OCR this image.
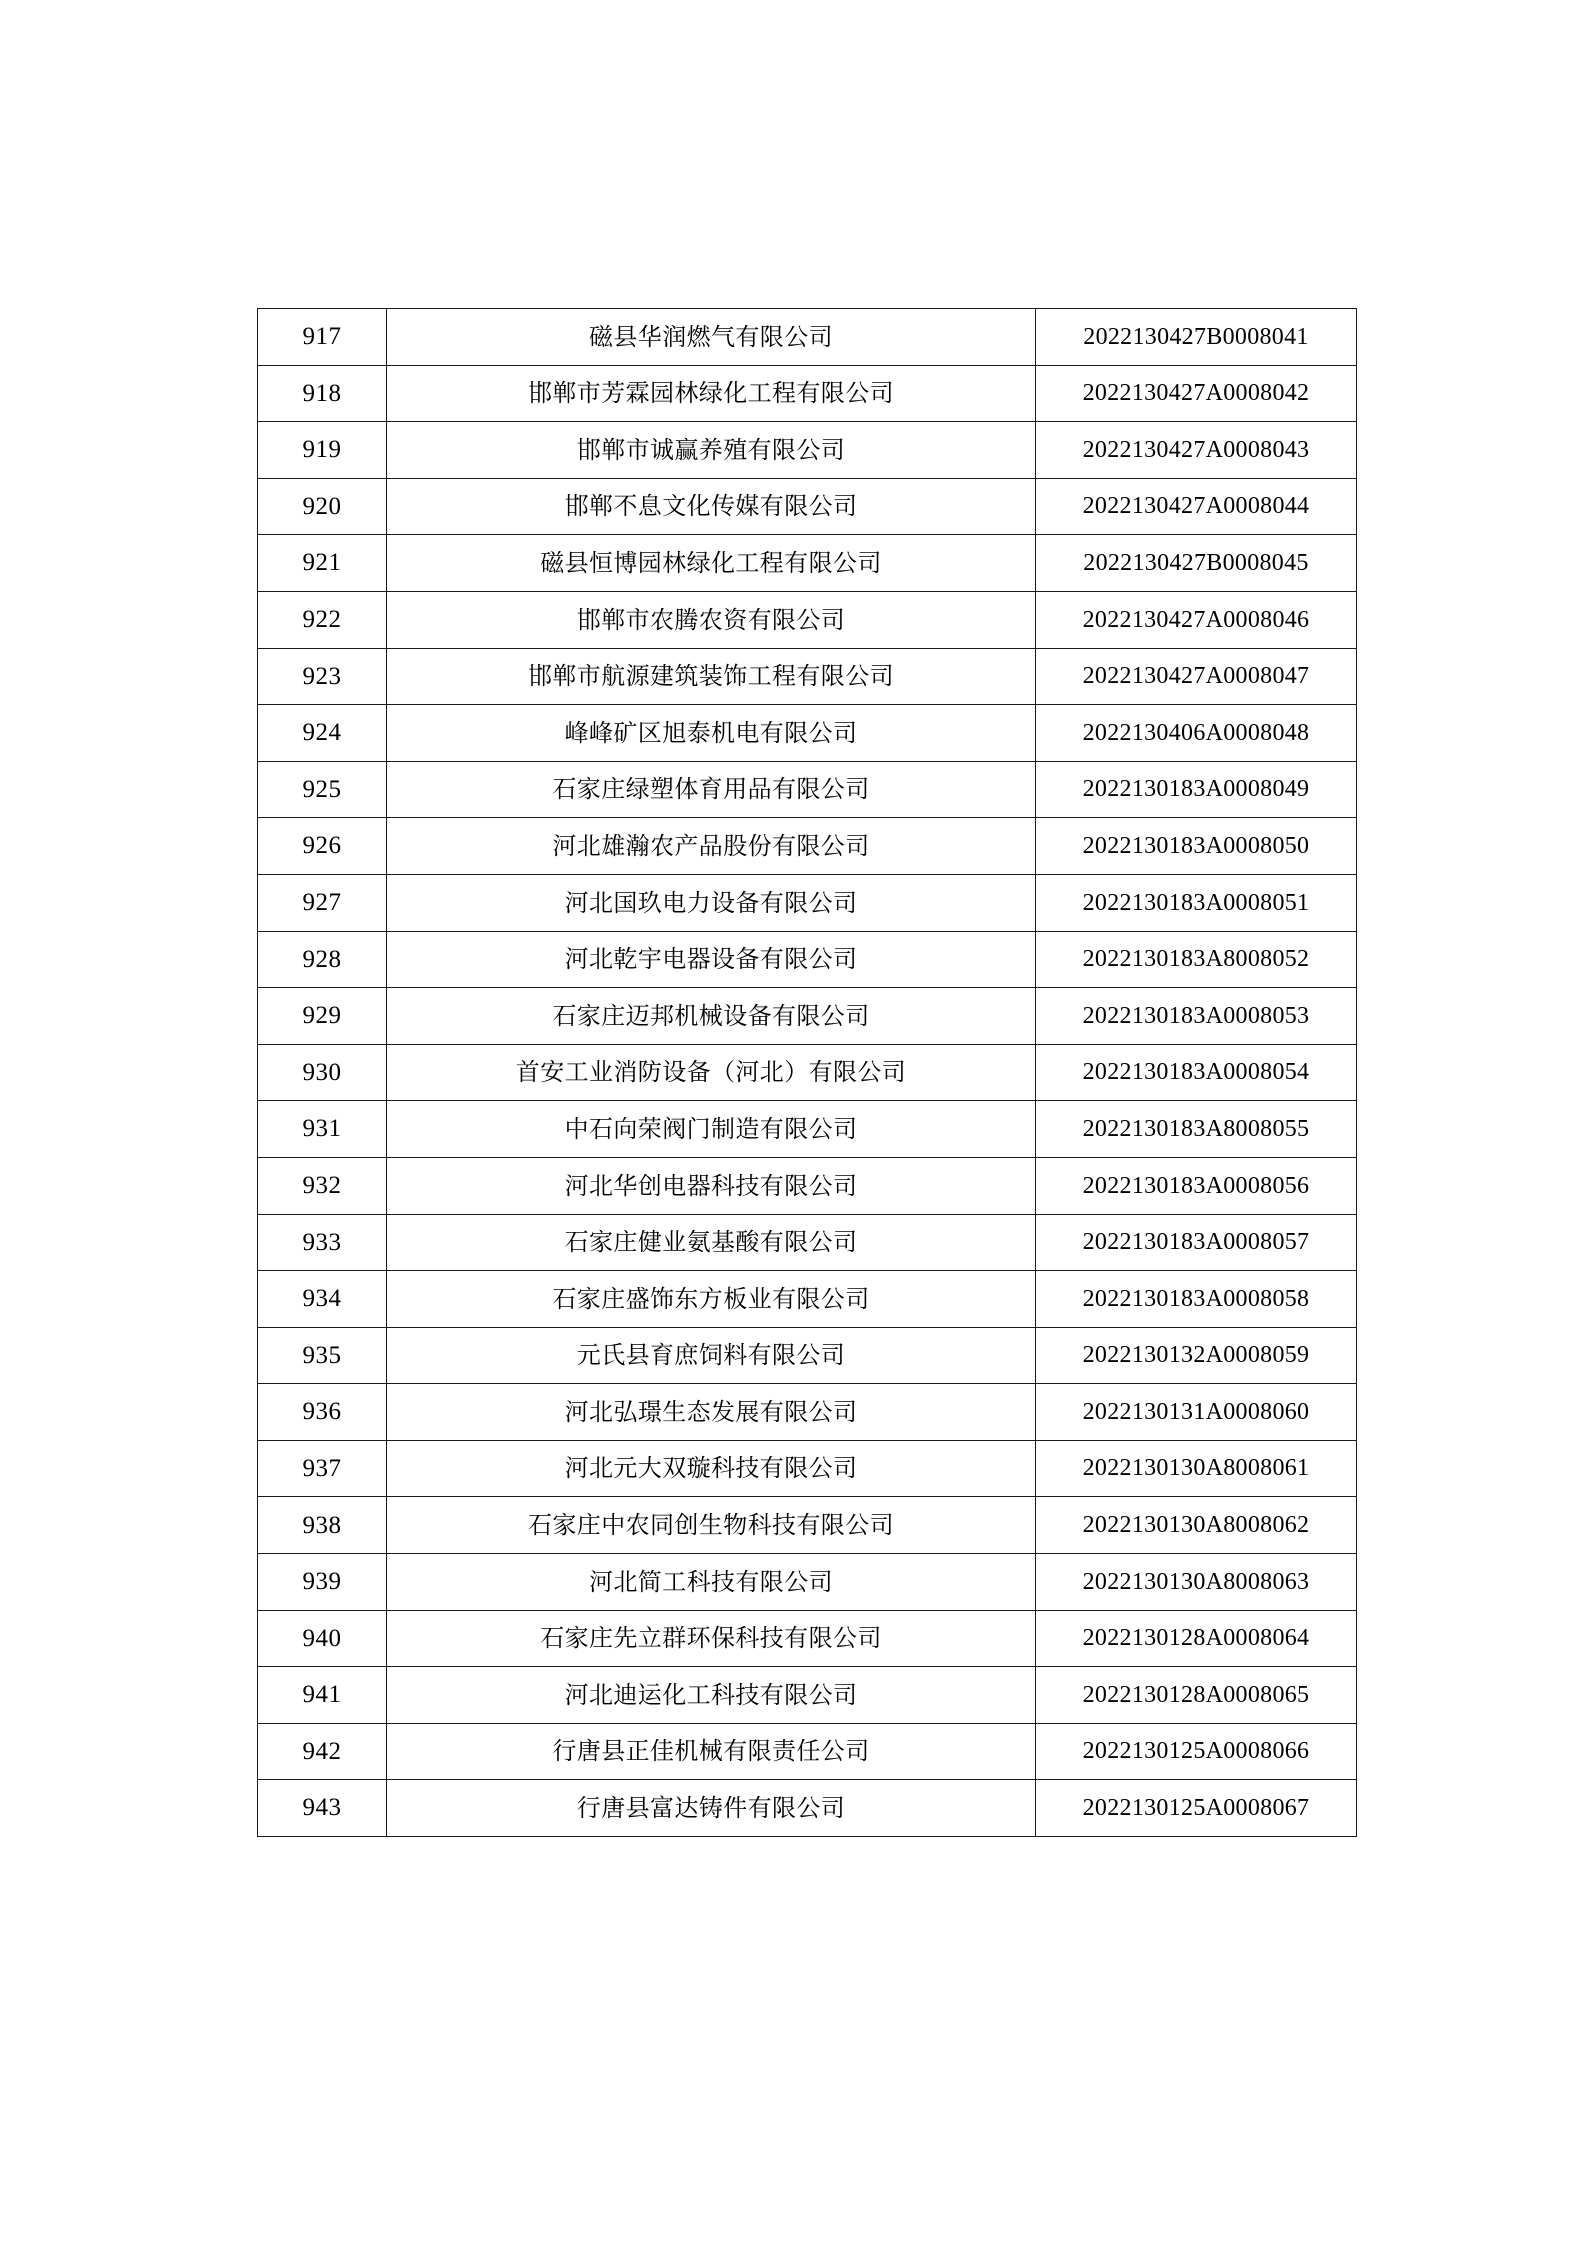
917	磁县华润燃气有限公司	2022130427B0008041
918	邯郸市芳霖园林绿化工程有限公司	2022130427A0008042
919	邯郸市诚赢养殖有限公司	2022130427A0008043
920	邯郸不息文化传媒有限公司	2022130427A0008044
921	磁县恒博园林绿化工程有限公司	2022130427B0008045
922	邯郸市农腾农资有限公司	2022130427A0008046
923	邯郸市航源建筑装饰工程有限公司	2022130427A0008047
924	峰峰矿区旭泰机电有限公司	2022130406A0008048
925	石家庄绿塑体育用品有限公司	2022130183A0008049
926	河北雄瀚农产品股份有限公司	2022130183A0008050
927	河北国玖电力设备有限公司	2022130183A0008051
928	河北乾宇电器设备有限公司	2022130183A8008052
929	石家庄迈邦机械设备有限公司	2022130183A0008053
930	首安工业消防设备（河北）有限公司	2022130183A0008054
931	中石向荣阀门制造有限公司	2022130183A8008055
932	河北华创电器科技有限公司	2022130183A0008056
933	石家庄健业氨基酸有限公司	2022130183A0008057
934	石家庄盛饰东方板业有限公司	2022130183A0008058
935	元氏县育庶饲料有限公司	2022130132A0008059
936	河北弘璟生态发展有限公司	2022130131A0008060
937	河北元大双璇科技有限公司	2022130130A8008061
938	石家庄中农同创生物科技有限公司	2022130130A8008062
939	河北简工科技有限公司	2022130130A8008063
940	石家庄先立群环保科技有限公司	2022130128A0008064
941	河北迪运化工科技有限公司	2022130128A0008065
942	行唐县正佳机械有限责任公司	2022130125A0008066
943	行唐县富达铸件有限公司	2022130125A0008067
